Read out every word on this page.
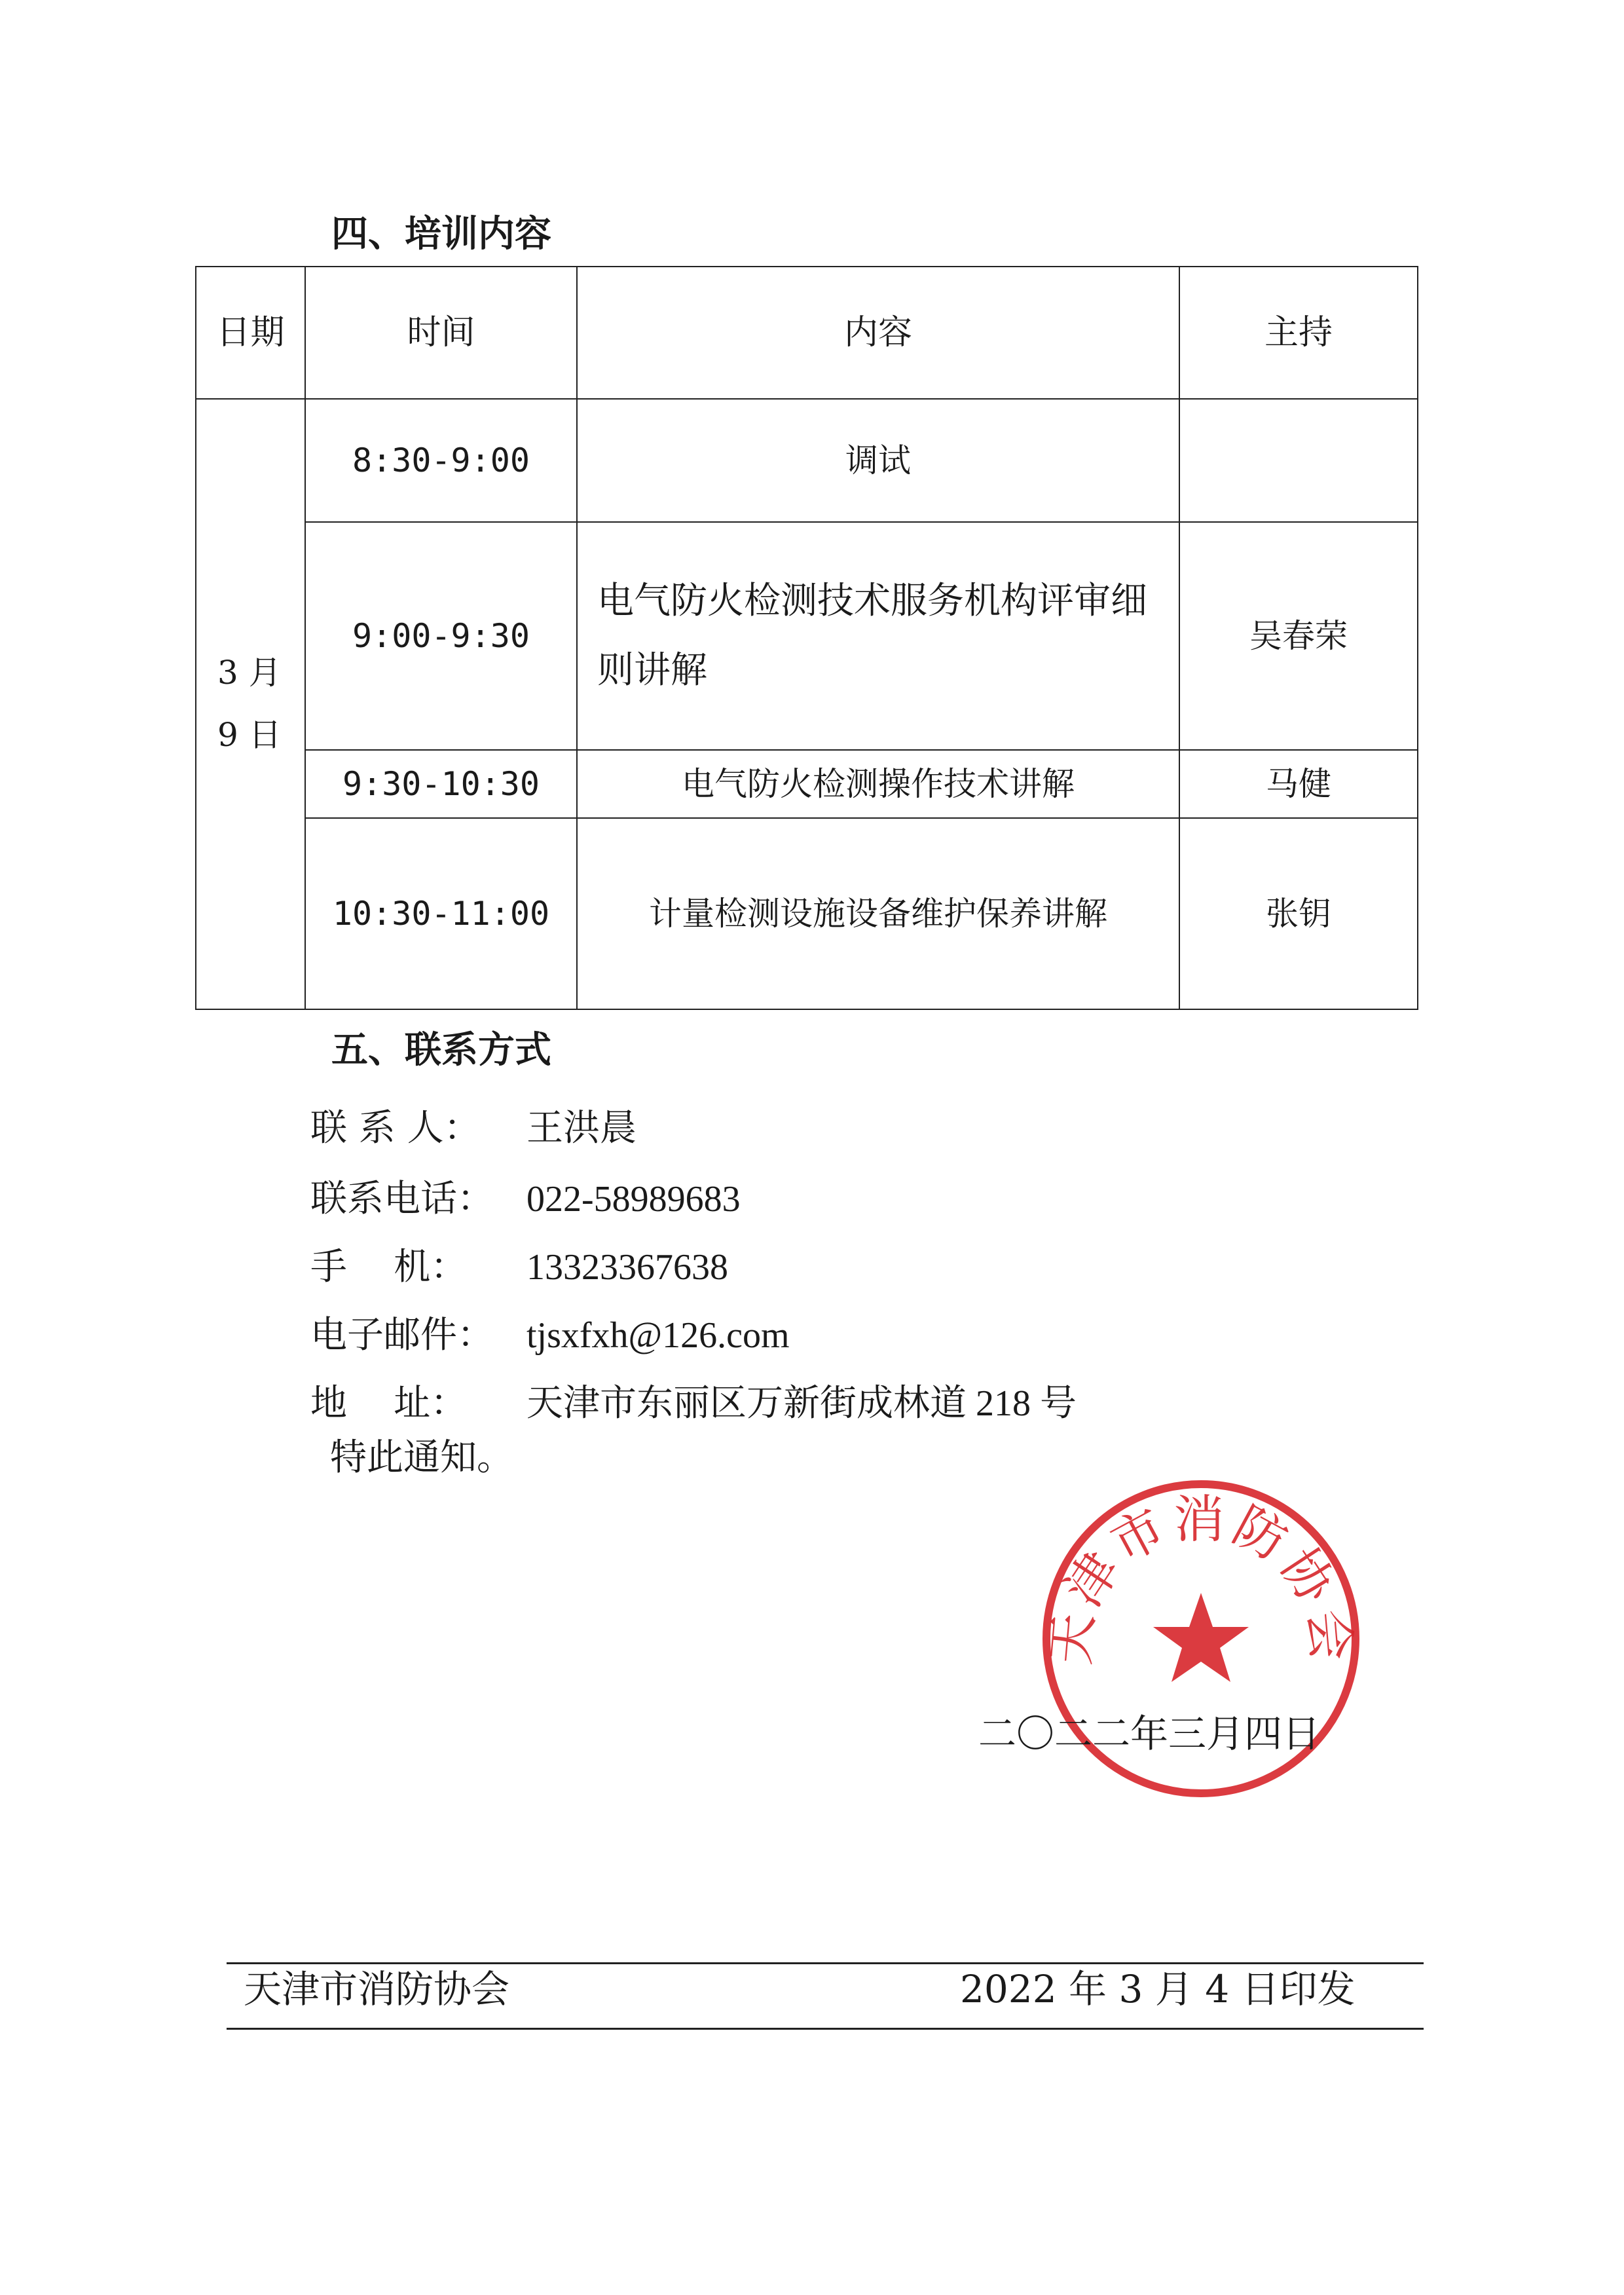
四、培训内容
日期	时间	内容	主持

3 月
9 日	8:30-9:00	调试	
	9:00-9:30	电气防火检测技术服务机构评审细则讲解	吴春荣
	9:30-10:30	电气防火检测操作技术讲解	马健
	10:30-11:00	计量检测设施设备维护保养讲解	张钥
五、联系方式
联 系 人： 王洪晨
联系电话： 022-58989683
手    机： 13323367638
电子邮件： tjsxfxh@126.com
地    址： 天津市东丽区万新街成林道 218 号
特此通知。
天津市消防协会
二〇二二年三月四日
天津市消防协会	2022 年 3 月 4 日印发
